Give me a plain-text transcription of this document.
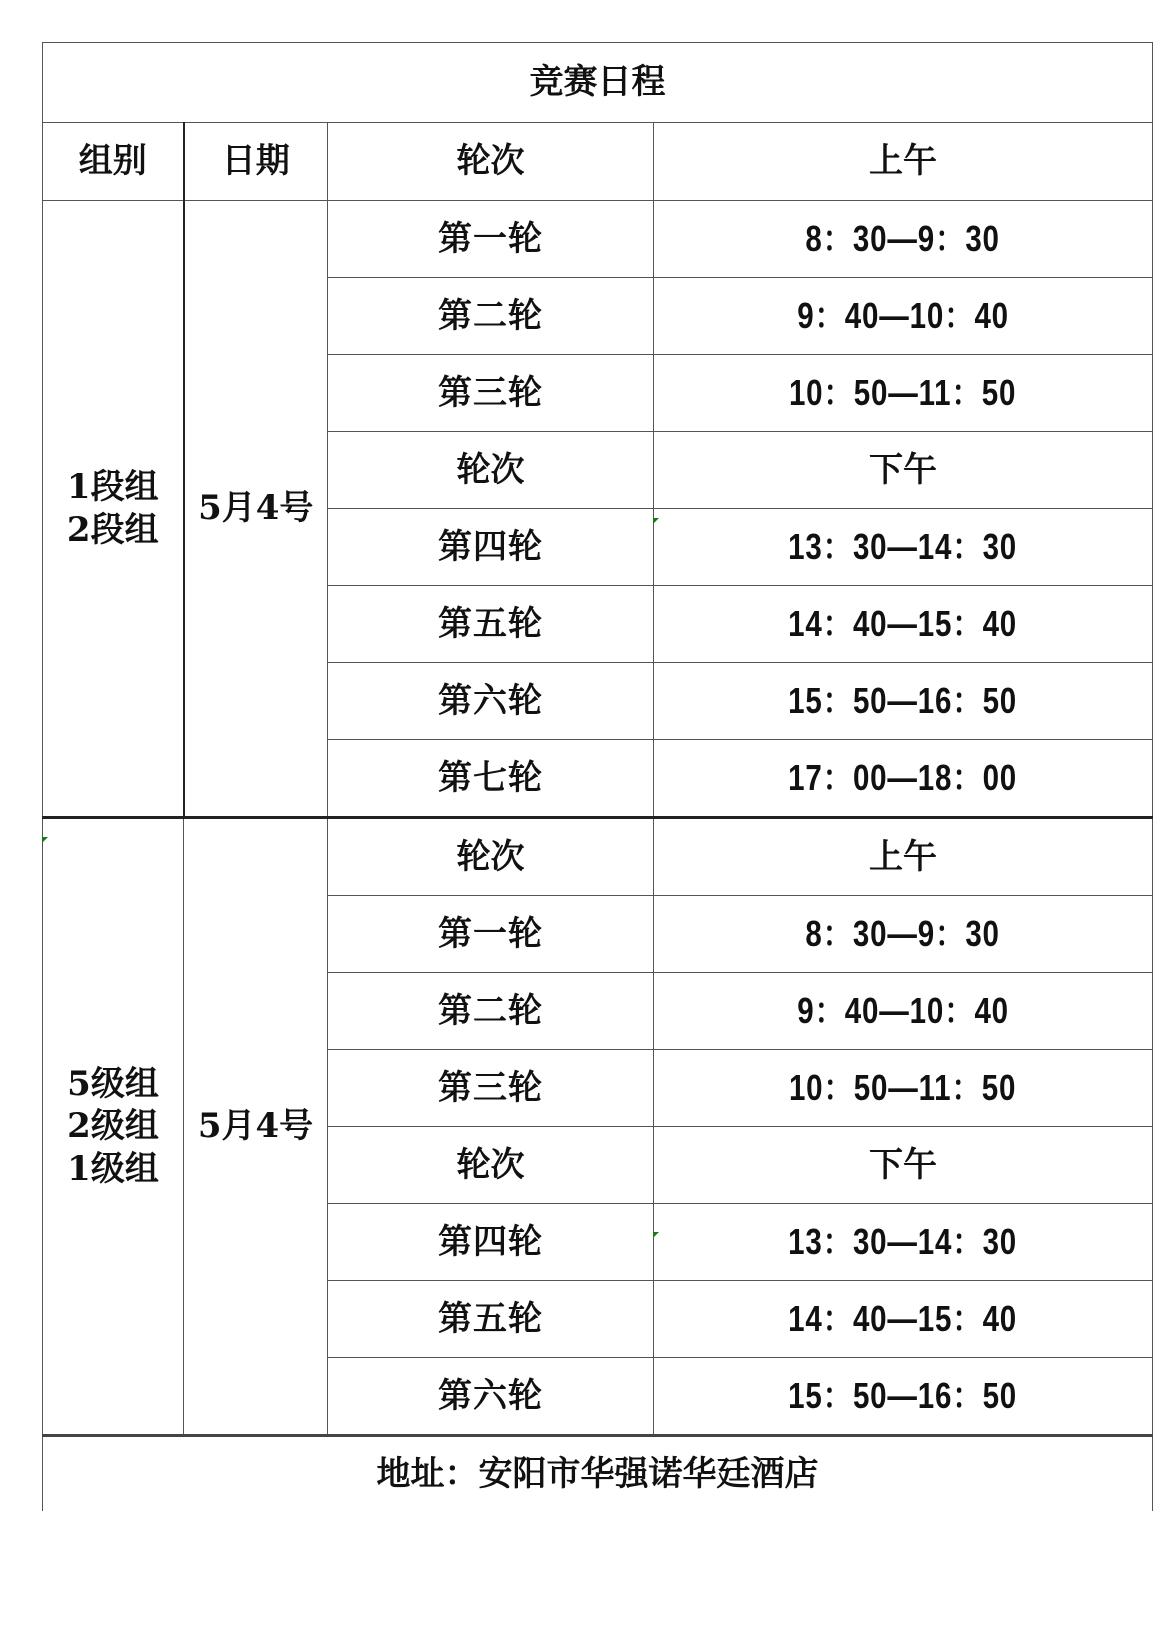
竞赛日程			
组别	日期	轮次	上午

1段组
2段组	5月4号	第一轮	8：30—9：30
		第二轮	9：40—10：40
		第三轮	10：50—11：50
		轮次	下午
		第四轮	13：30—14：30
		第五轮	14：40—15：40
		第六轮	15：50—16：50
		第七轮	17：00—18：00

5级组
2级组
1级组	5月4号	轮次	上午
		第一轮	8：30—9：30
		第二轮	9：40—10：40
		第三轮	10：50—11：50
		轮次	下午
		第四轮	13：30—14：30
		第五轮	14：40—15：40
		第六轮	15：50—16：50
地址：安阳市华强诺华廷酒店			
